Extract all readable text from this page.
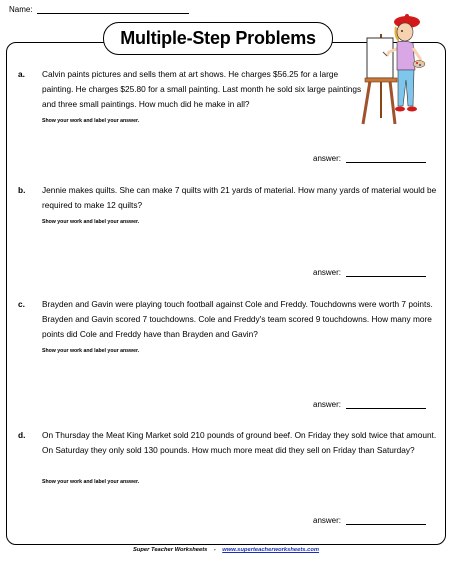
Name:
Multiple-Step Problems
a. Calvin paints pictures and sells them at art shows. He charges $56.25 for a large painting. He charges $25.80 for a small painting. Last month he sold six large paintings and three small paintings. How much did he make in all?
Show your work and label your answer.
answer:
b. Jennie makes quilts. She can make 7 quilts with 21 yards of material. How many yards of material would be required to make 12 quilts?
Show your work and label your answer.
answer:
c. Brayden and Gavin were playing touch football against Cole and Freddy. Touchdowns were worth 7 points. Brayden and Gavin scored 7 touchdowns. Cole and Freddy's team scored 9 touchdowns. How many more points did Cole and Freddy have than Brayden and Gavin?
Show your work and label your answer.
answer:
d. On Thursday the Meat King Market sold 210 pounds of ground beef. On Friday they sold twice that amount. On Saturday they only sold 130 pounds. How much more meat did they sell on Friday than Saturday?
Show your work and label your answer.
answer:
Super Teacher Worksheets - www.superteacherworksheets.com
